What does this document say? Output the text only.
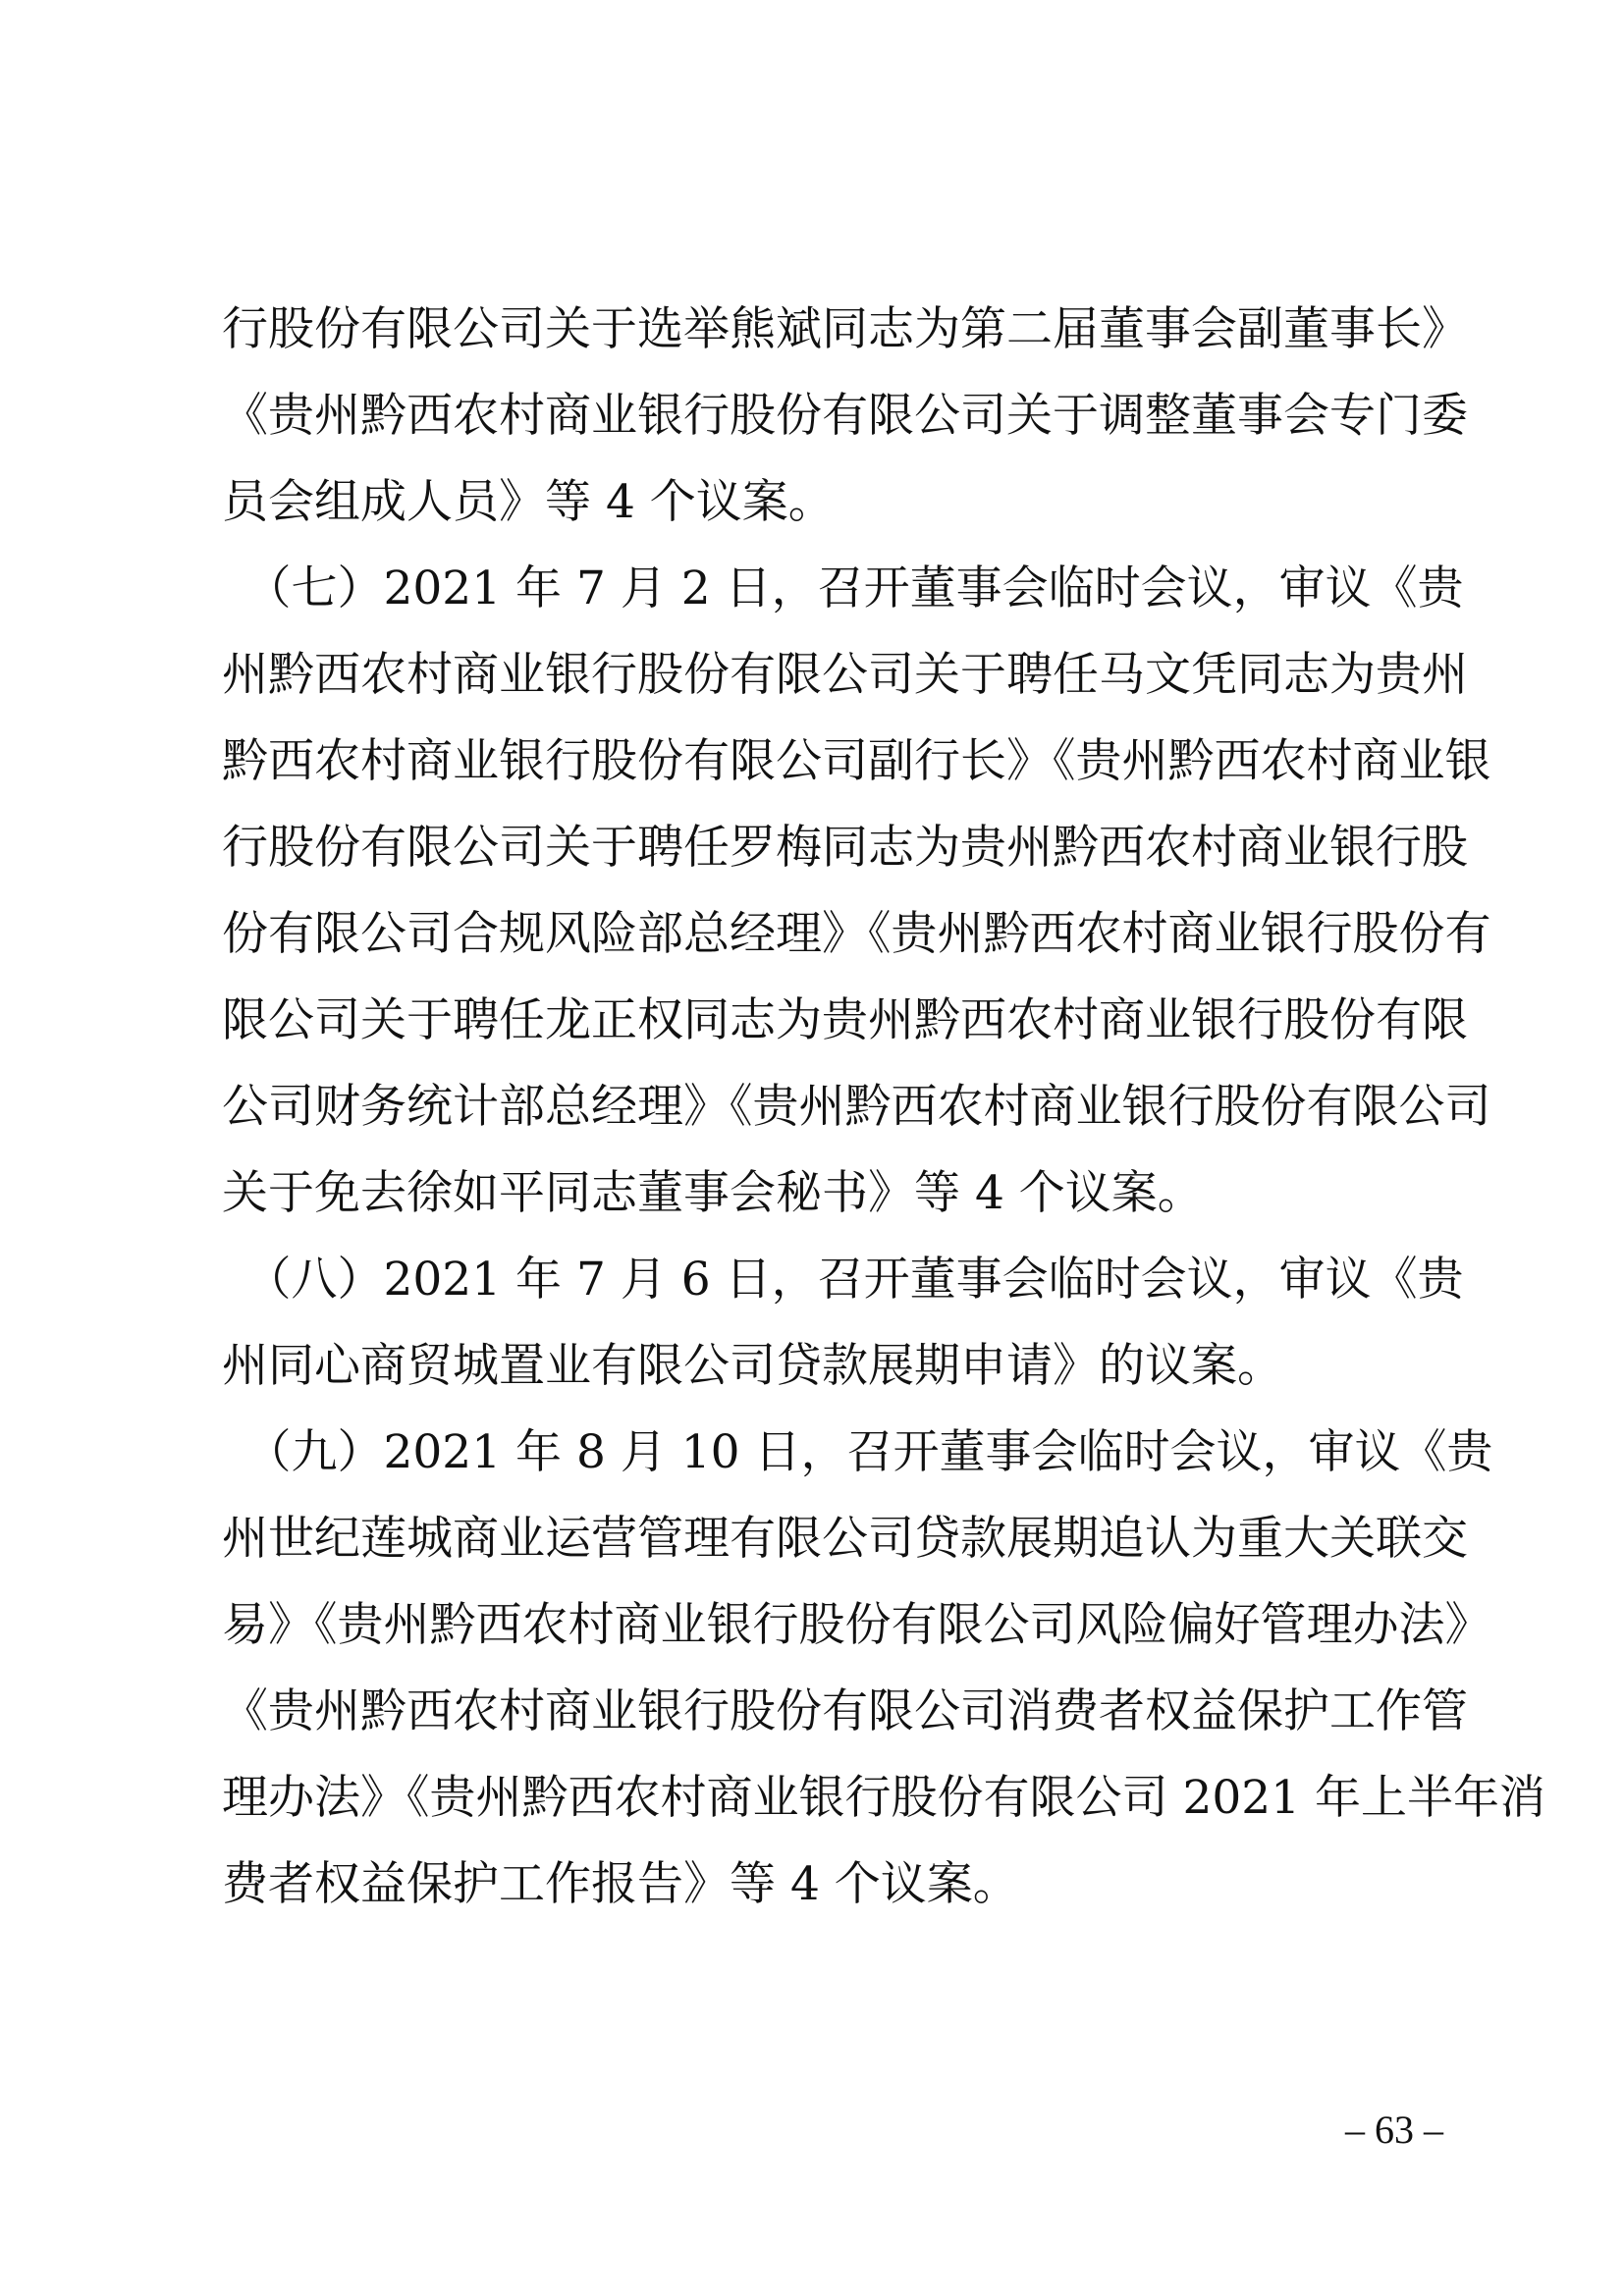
行股份有限公司关于选举熊斌同志为第二届董事会副董事长》
《贵州黔西农村商业银行股份有限公司关于调整董事会专门委
员会组成人员》等 4 个议案。
　（七）2021 年 7 月 2 日，召开董事会临时会议，审议《贵
州黔西农村商业银行股份有限公司关于聘任马文凭同志为贵州
黔西农村商业银行股份有限公司副行长》《贵州黔西农村商业银
行股份有限公司关于聘任罗梅同志为贵州黔西农村商业银行股
份有限公司合规风险部总经理》《贵州黔西农村商业银行股份有
限公司关于聘任龙正权同志为贵州黔西农村商业银行股份有限
公司财务统计部总经理》《贵州黔西农村商业银行股份有限公司
关于免去徐如平同志董事会秘书》等 4 个议案。
　（八）2021 年 7 月 6 日，召开董事会临时会议，审议《贵
州同心商贸城置业有限公司贷款展期申请》的议案。
　（九）2021 年 8 月 10 日，召开董事会临时会议，审议《贵
州世纪莲城商业运营管理有限公司贷款展期追认为重大关联交
易》《贵州黔西农村商业银行股份有限公司风险偏好管理办法》
《贵州黔西农村商业银行股份有限公司消费者权益保护工作管
理办法》《贵州黔西农村商业银行股份有限公司 2021 年上半年消
费者权益保护工作报告》等 4 个议案。
– 63 –
